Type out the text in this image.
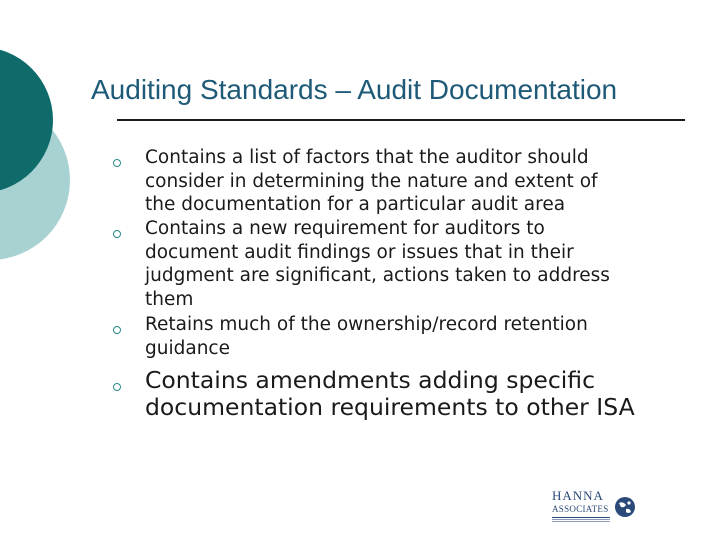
Auditing Standards – Audit Documentation
Contains a list of factors that the auditor should
consider in determining the nature and extent of
the documentation for a particular audit area
Contains a new requirement for auditors to
document audit findings or issues that in their
judgment are significant, actions taken to address
them
Retains much of the ownership/record retention
guidance
Contains amendments adding specific
documentation requirements to other ISA
HANNA
ASSOCIATES
